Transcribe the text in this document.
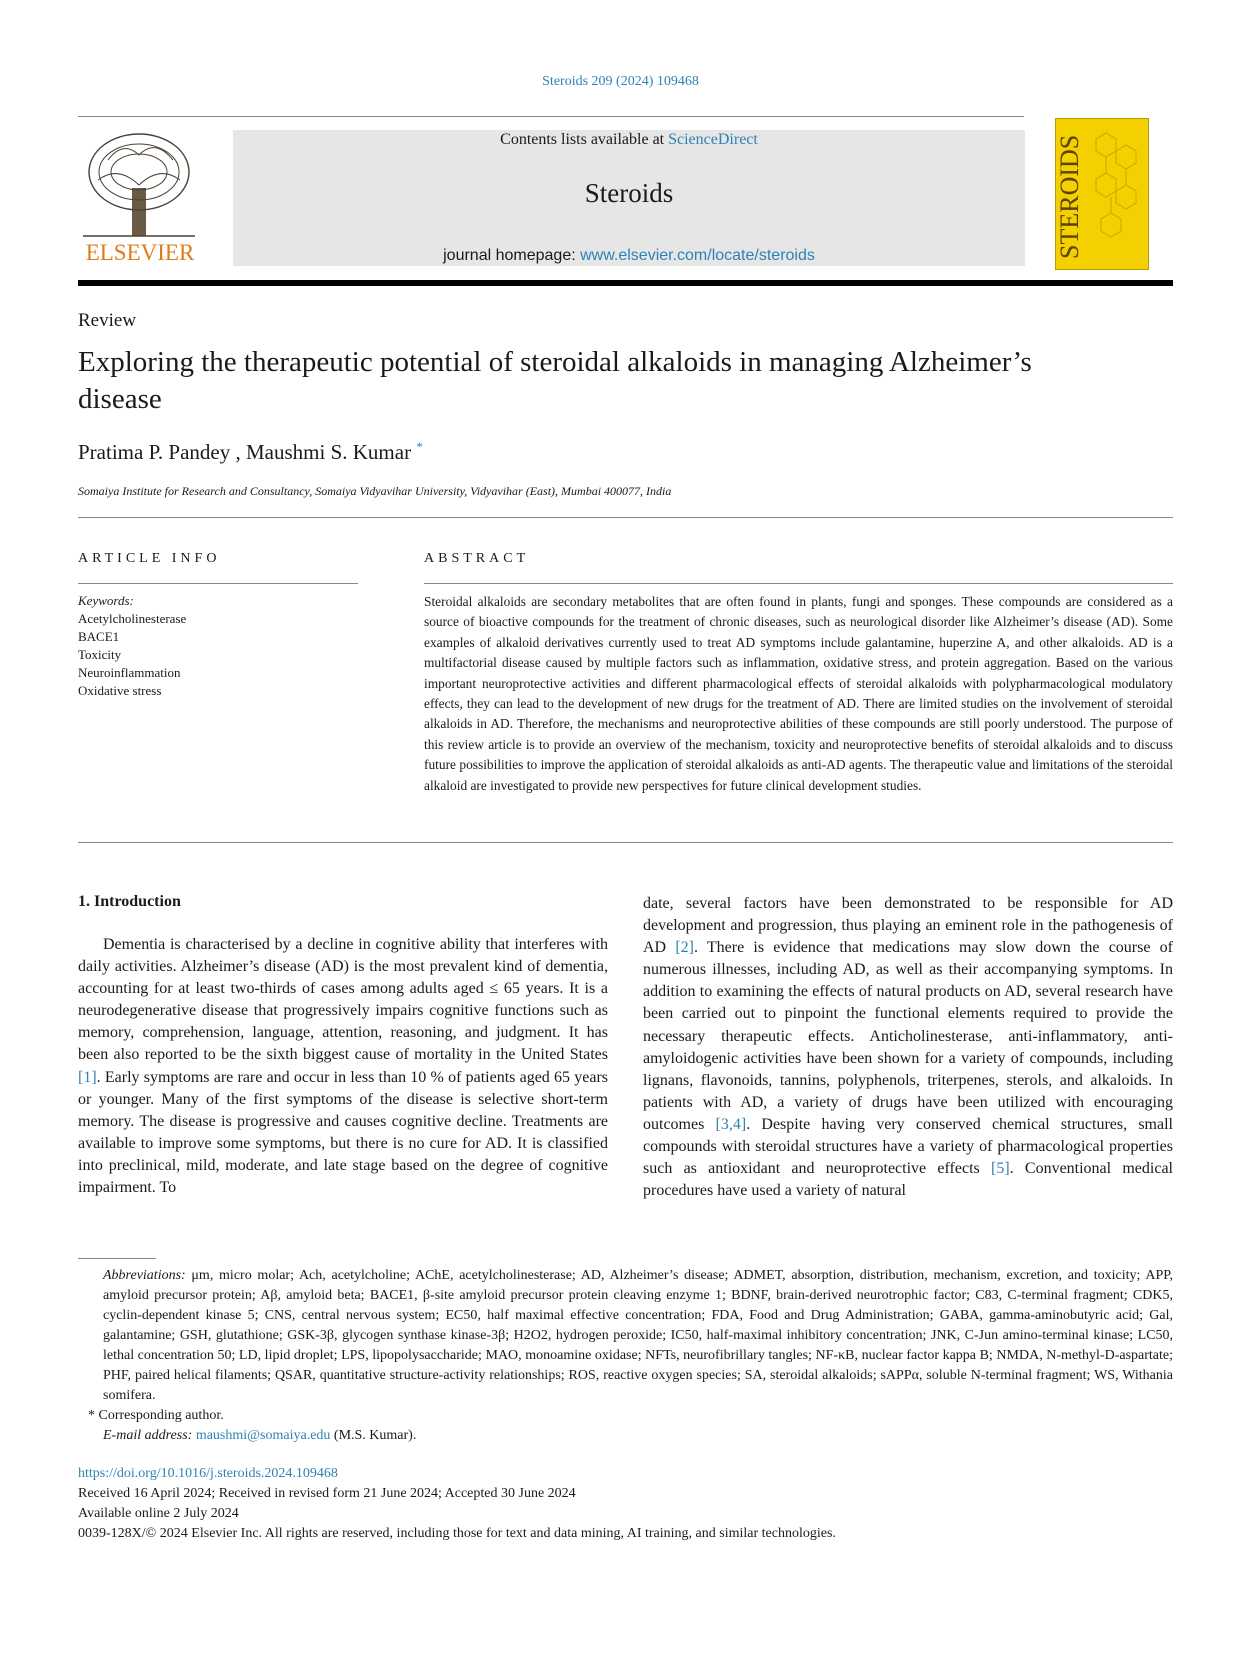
Steroids 209 (2024) 109468
ELSEVIER
Contents lists available at ScienceDirect
Steroids
journal homepage: www.elsevier.com/locate/steroids	STEROIDS
Review
Exploring the therapeutic potential of steroidal alkaloids in managing Alzheimer’s disease
Pratima P. Pandey , Maushmi S. Kumar *
Somaiya Institute for Research and Consultancy, Somaiya Vidyavihar University, Vidyavihar (East), Mumbai 400077, India
ARTICLE INFO	ABSTRACT
Keywords:
Acetylcholinesterase
BACE1
Toxicity
Neuroinflammation
Oxidative stress
Steroidal alkaloids are secondary metabolites that are often found in plants, fungi and sponges. These compounds are considered as a source of bioactive compounds for the treatment of chronic diseases, such as neurological disorder like Alzheimer’s disease (AD). Some examples of alkaloid derivatives currently used to treat AD symptoms include galantamine, huperzine A, and other alkaloids. AD is a multifactorial disease caused by multiple factors such as inflammation, oxidative stress, and protein aggregation. Based on the various important neuroprotective activities and different pharmacological effects of steroidal alkaloids with polypharmacological modulatory effects, they can lead to the development of new drugs for the treatment of AD. There are limited studies on the involvement of steroidal alkaloids in AD. Therefore, the mechanisms and neuroprotective abilities of these compounds are still poorly understood. The purpose of this review article is to provide an overview of the mechanism, toxicity and neuroprotective benefits of steroidal alkaloids and to discuss future possibilities to improve the application of steroidal alkaloids as anti-AD agents. The therapeutic value and limitations of the steroidal alkaloid are investigated to provide new perspectives for future clinical development studies.
1. Introduction
Dementia is characterised by a decline in cognitive ability that interferes with daily activities. Alzheimer’s disease (AD) is the most prevalent kind of dementia, accounting for at least two-thirds of cases among adults aged ≤ 65 years. It is a neurodegenerative disease that progressively impairs cognitive functions such as memory, comprehension, language, attention, reasoning, and judgment. It has been also reported to be the sixth biggest cause of mortality in the United States [1]. Early symptoms are rare and occur in less than 10 % of patients aged 65 years or younger. Many of the first symptoms of the disease is selective short-term memory. The disease is progressive and causes cognitive decline. Treatments are available to improve some symptoms, but there is no cure for AD. It is classified into preclinical, mild, moderate, and late stage based on the degree of cognitive impairment. To
date, several factors have been demonstrated to be responsible for AD development and progression, thus playing an eminent role in the pathogenesis of AD [2]. There is evidence that medications may slow down the course of numerous illnesses, including AD, as well as their accompanying symptoms. In addition to examining the effects of natural products on AD, several research have been carried out to pinpoint the functional elements required to provide the necessary therapeutic effects. Anticholinesterase, anti-inflammatory, anti-amyloidogenic activities have been shown for a variety of compounds, including lignans, flavonoids, tannins, polyphenols, triterpenes, sterols, and alkaloids. In patients with AD, a variety of drugs have been utilized with encouraging outcomes [3,4]. Despite having very conserved chemical structures, small compounds with steroidal structures have a variety of pharmacological properties such as antioxidant and neuroprotective effects [5]. Conventional medical procedures have used a variety of natural
Abbreviations: μm, micro molar; Ach, acetylcholine; AChE, acetylcholinesterase; AD, Alzheimer’s disease; ADMET, absorption, distribution, mechanism, excretion, and toxicity; APP, amyloid precursor protein; Aβ, amyloid beta; BACE1, β-site amyloid precursor protein cleaving enzyme 1; BDNF, brain-derived neurotrophic factor; C83, C-terminal fragment; CDK5, cyclin-dependent kinase 5; CNS, central nervous system; EC50, half maximal effective concentration; FDA, Food and Drug Administration; GABA, gamma-aminobutyric acid; Gal, galantamine; GSH, glutathione; GSK-3β, glycogen synthase kinase-3β; H2O2, hydrogen peroxide; IC50, half-maximal inhibitory concentration; JNK, C-Jun amino-terminal kinase; LC50, lethal concentration 50; LD, lipid droplet; LPS, lipopolysaccharide; MAO, monoamine oxidase; NFTs, neurofibrillary tangles; NF-κB, nuclear factor kappa B; NMDA, N-methyl-D-aspartate; PHF, paired helical filaments; QSAR, quantitative structure-activity relationships; ROS, reactive oxygen species; SA, steroidal alkaloids; sAPPα, soluble N-terminal fragment; WS, Withania somifera.
* Corresponding author.
E-mail address: maushmi@somaiya.edu (M.S. Kumar).
https://doi.org/10.1016/j.steroids.2024.109468
Received 16 April 2024; Received in revised form 21 June 2024; Accepted 30 June 2024
Available online 2 July 2024
0039-128X/© 2024 Elsevier Inc. All rights are reserved, including those for text and data mining, AI training, and similar technologies.
